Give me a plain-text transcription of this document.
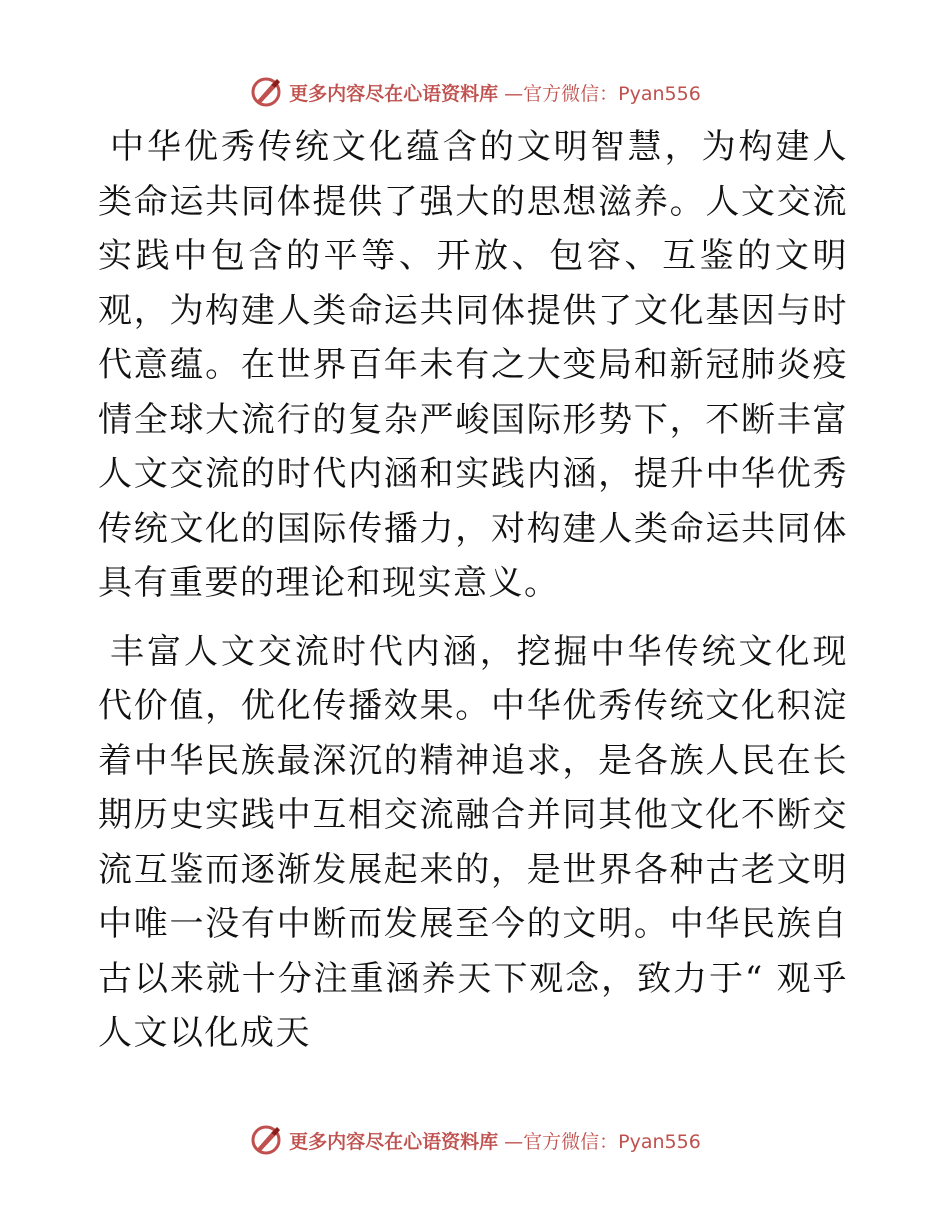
更多内容尽在心语资料库 —官方微信：Pyan556

中华优秀传统文化蕴含的文明智慧，为构建人类命运共同体提供了强大的思想滋养。人文交流实践中包含的平等、开放、包容、互鉴的文明观，为构建人类命运共同体提供了文化基因与时代意蕴。在世界百年未有之大变局和新冠肺炎疫情全球大流行的复杂严峻国际形势下，不断丰富人文交流的时代内涵和实践内涵，提升中华优秀传统文化的国际传播力，对构建人类命运共同体具有重要的理论和现实意义。

丰富人文交流时代内涵，挖掘中华传统文化现代价值，优化传播效果。中华优秀传统文化积淀着中华民族最深沉的精神追求，是各族人民在长期历史实践中互相交流融合并同其他文化不断交流互鉴而逐渐发展起来的，是世界各种古老文明中唯一没有中断而发展至今的文明。中华民族自古以来就十分注重涵养天下观念，致力于“ 观乎人文以化成天

更多内容尽在心语资料库 —官方微信：Pyan556
